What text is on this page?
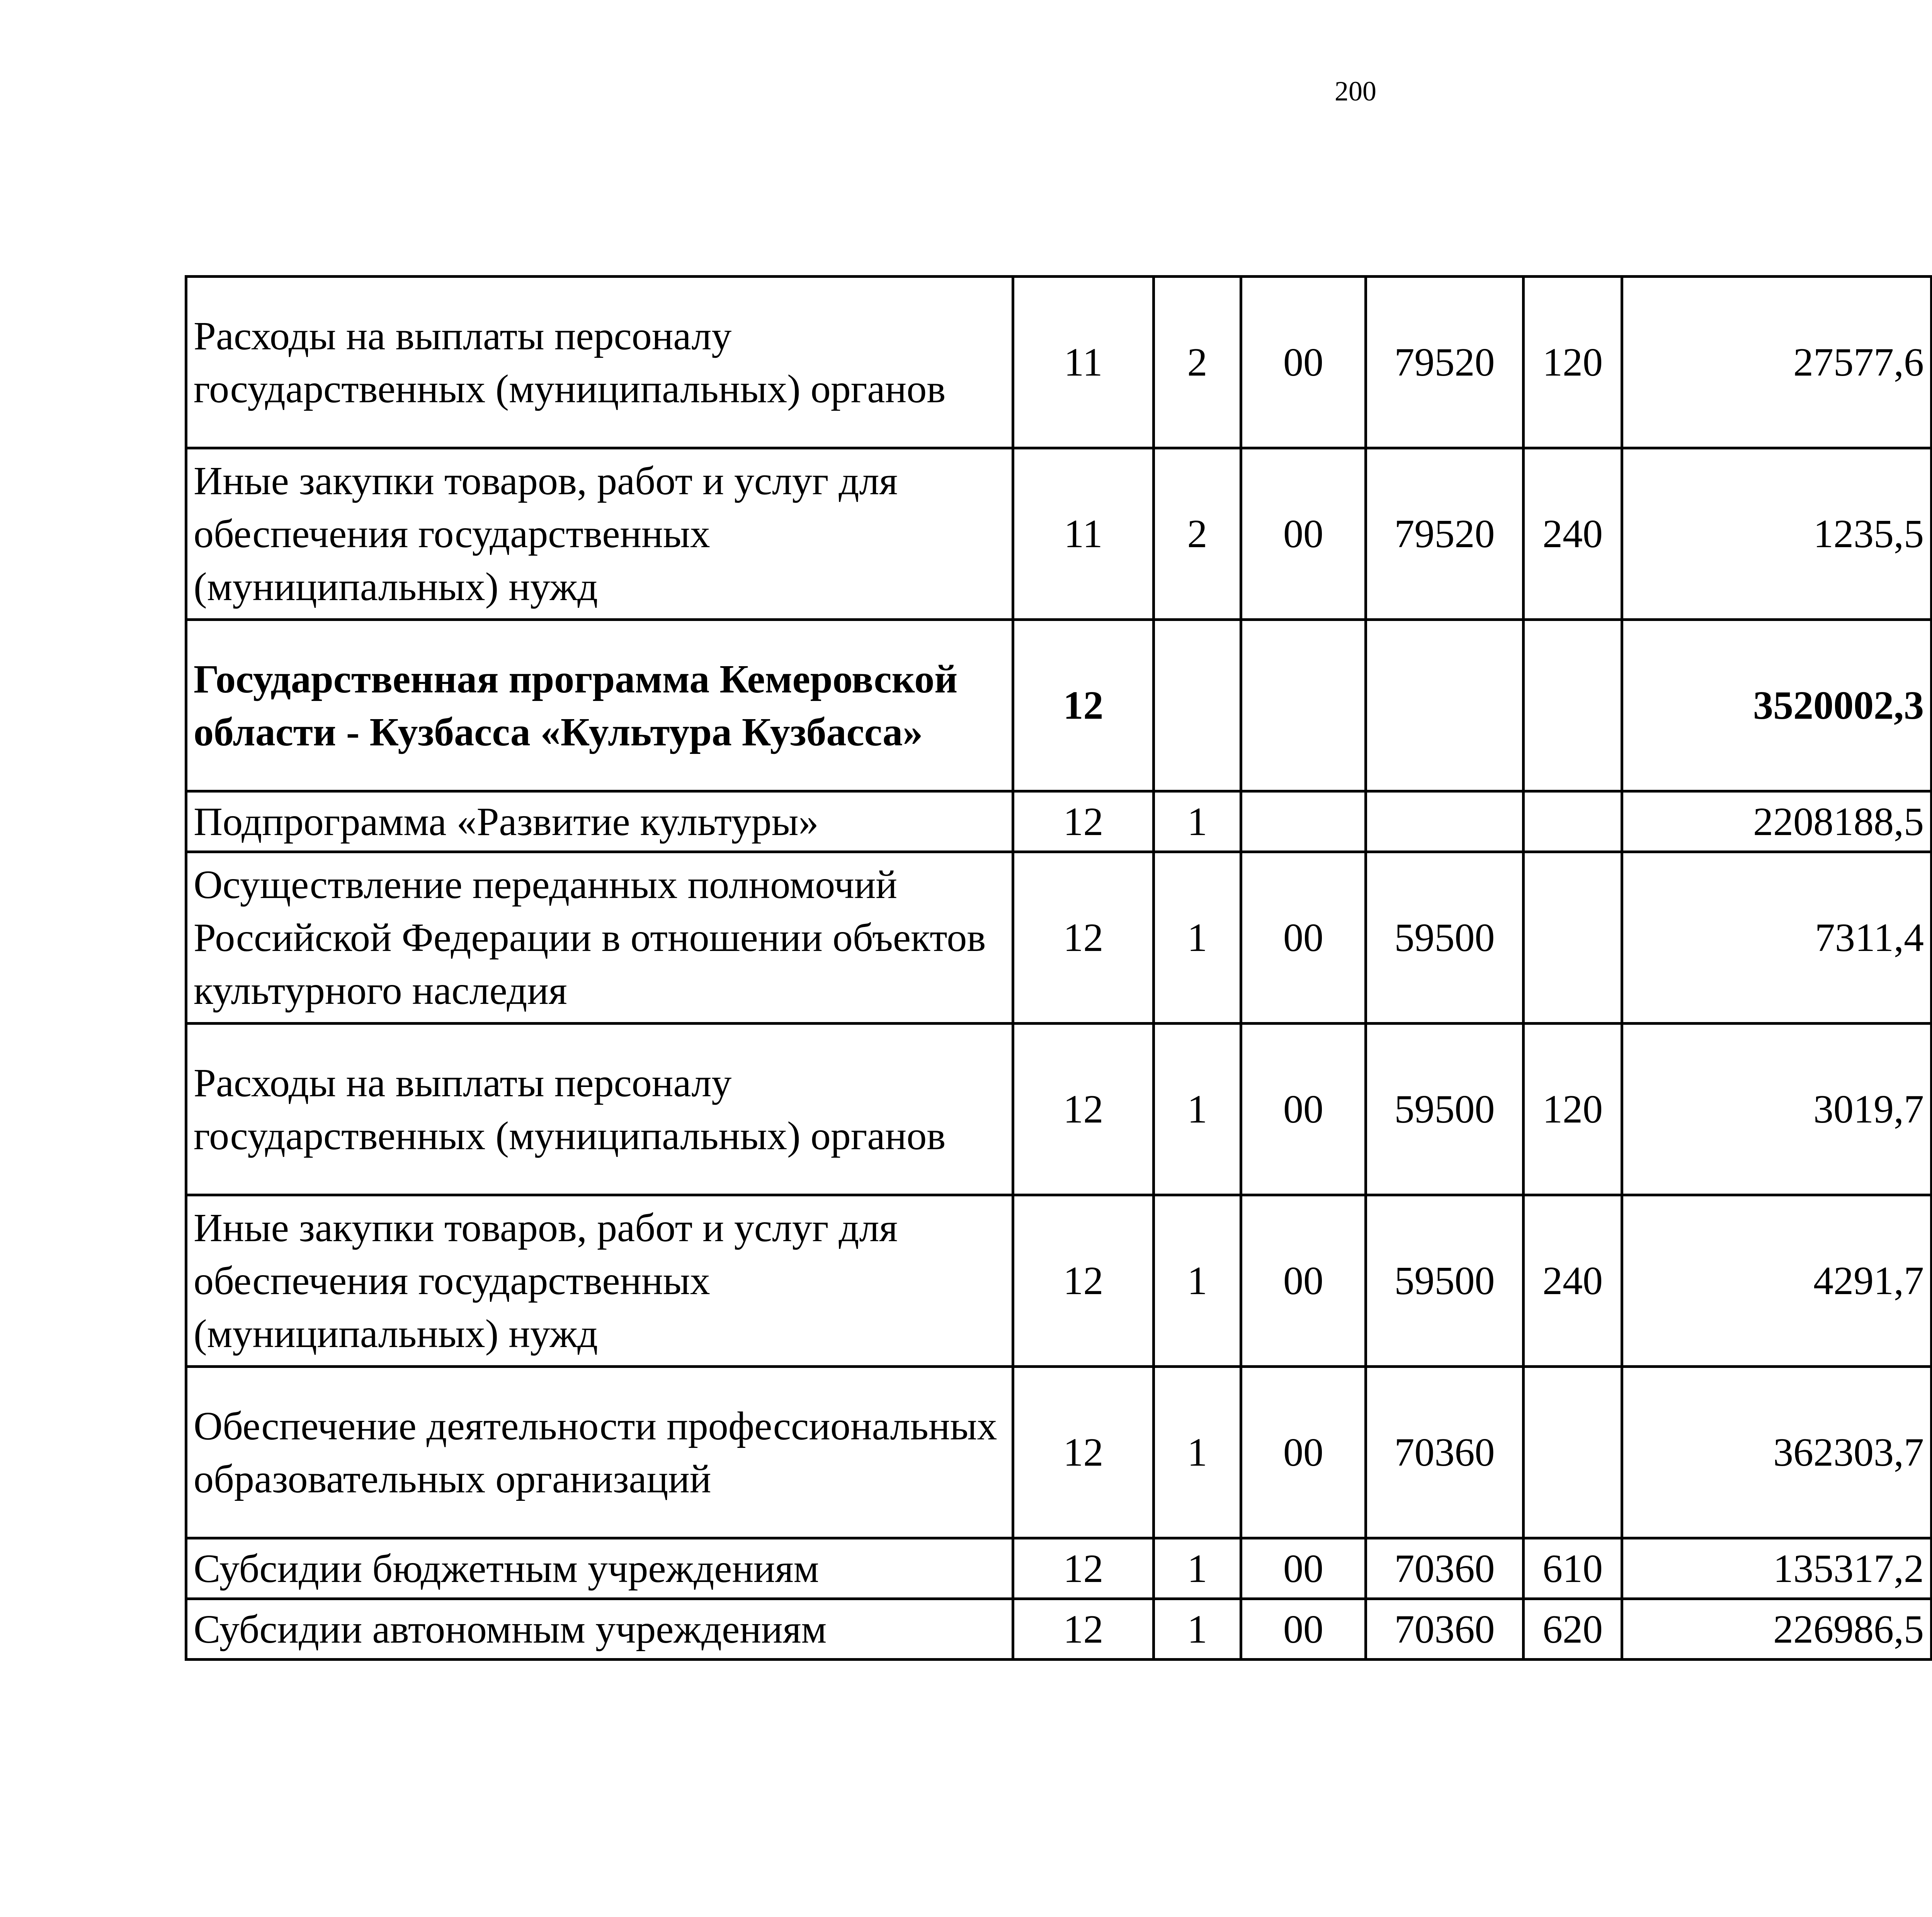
200
Расходы на выплаты персоналу государственных (муниципальных) органов	11	2	00	79520	120	27577,6		
Иные закупки товаров, работ и услуг для обеспечения государственных (муниципальных) нужд	11	2	00	79520	240	1235,5		
Государственная программа Кемеровской области - Кузбасса «Культура Кузбасса»	12					3520002,3		
Подпрограмма «Развитие культуры»	12	1				2208188,5		
Осуществление переданных полномочий Российской Федерации в отношении объектов культурного наследия	12	1	00	59500		7311,4		
Расходы на выплаты персоналу государственных (муниципальных) органов	12	1	00	59500	120	3019,7		
Иные закупки товаров, работ и услуг для обеспечения государственных (муниципальных) нужд	12	1	00	59500	240	4291,7		
Обеспечение деятельности профессиональных образовательных организаций	12	1	00	70360		362303,7		
Субсидии бюджетным учреждениям	12	1	00	70360	610	135317,2		
Субсидии автономным учреждениям	12	1	00	70360	620	226986,5		
